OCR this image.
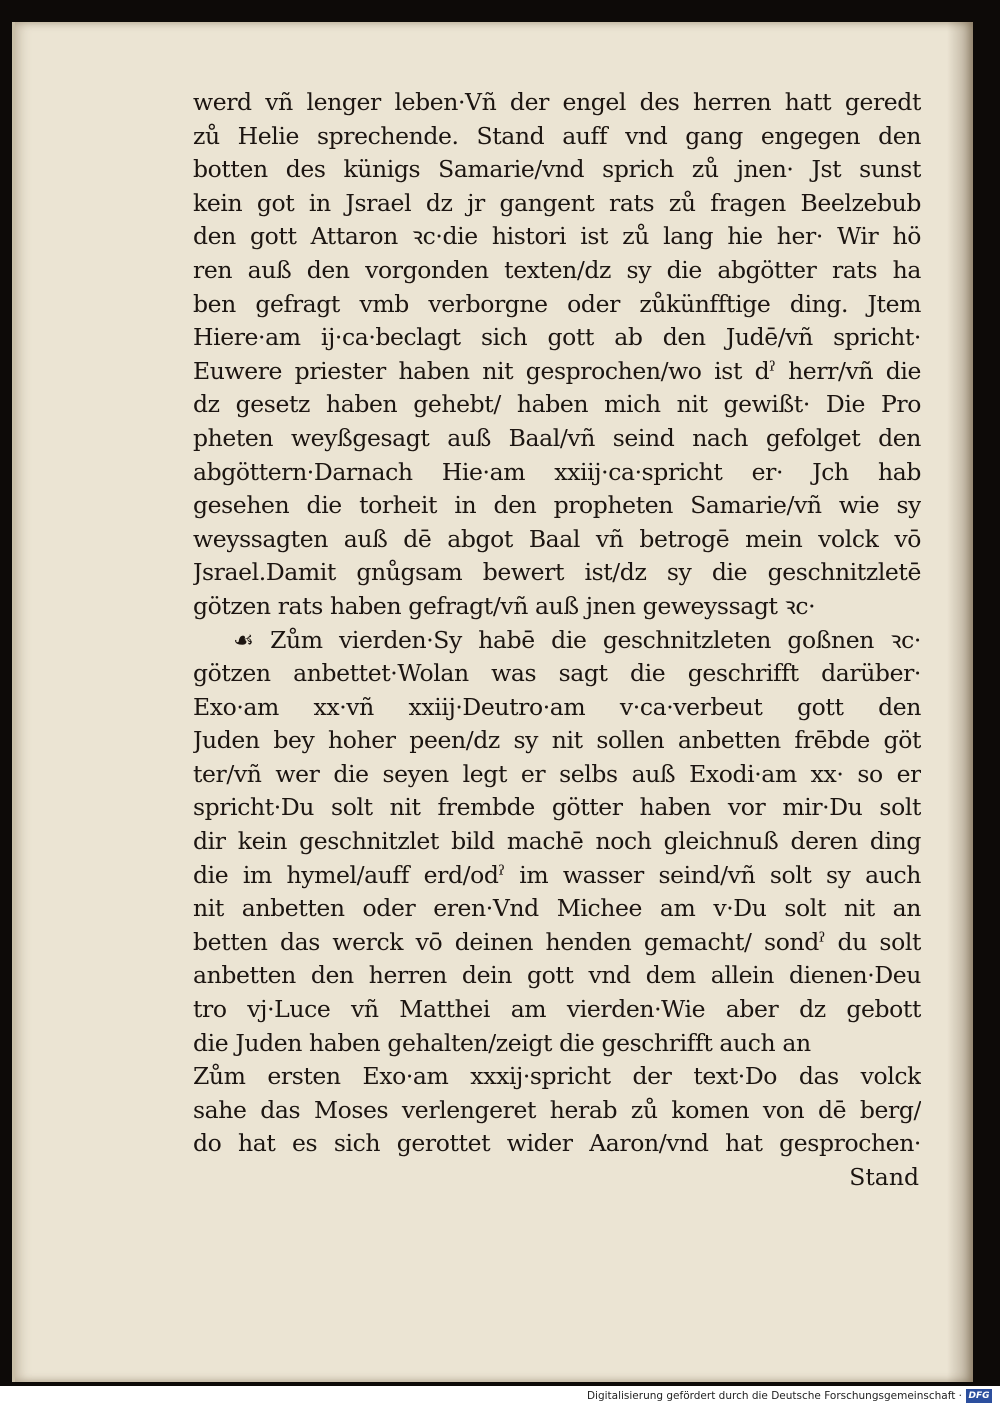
werd vñ lenger leben·Vñ der engel des herren hatt geredt
zů Helie sprechende. Stand auff vnd gang engegen den
botten des künigs Samarie/vnd sprich zů jnen· Jst sunst
kein got in Jsrael dz jr gangent rats zů fragen Beelzebub
den gott Attaron ꝛc·die histori ist zů lang hie her· Wir hö
ren auß den vorgonden texten/dz sy die abgötter rats ha
ben gefragt vmb verborgne oder zůkünfftige ding. Jtem
Hiere·am ij·ca·beclagt sich gott ab den Judē/vñ spricht·
Euwere priester haben nit gesprochen/wo ist dˀ herr/vñ die
dz gesetz haben gehebt/ haben mich nit gewißt· Die Pro
pheten weyßgesagt auß Baal/vñ seind nach gefolget den
abgöttern·Darnach Hie·am xxiij·ca·spricht er· Jch hab
gesehen die torheit in den propheten Samarie/vñ wie sy
weyssagten auß dē abgot Baal vñ betrogē mein volck vō
Jsrael.Damit gnůgsam bewert ist/dz sy die geschnitzletē
götzen rats haben gefragt/vñ auß jnen geweyssagt ꝛc·
☙ Zům vierden·Sy habē die geschnitzleten goßnen ꝛc·
götzen anbettet·Wolan was sagt die geschrifft darüber·
Exo·am xx·vñ xxiij·Deutro·am v·ca·verbeut gott den
Juden bey hoher peen/dz sy nit sollen anbetten frēbde göt
ter/vñ wer die seyen legt er selbs auß Exodi·am xx· so er
spricht·Du solt nit frembde götter haben vor mir·Du solt
dir kein geschnitzlet bild machē noch gleichnuß deren ding
die im hymel/auff erd/odˀ im wasser seind/vñ solt sy auch
nit anbetten oder eren·Vnd Michee am v·Du solt nit an
betten das werck vō deinen henden gemacht/ sondˀ du solt
anbetten den herren dein gott vnd dem allein dienen·Deu
tro vj·Luce vñ Matthei am vierden·Wie aber dz gebott
die Juden haben gehalten/zeigt die geschrifft auch an
Zům ersten Exo·am xxxij·spricht der text·Do das volck
sahe das Moses verlengeret herab zů komen von dē berg/
do hat es sich gerottet wider Aaron/vnd hat gesprochen·
Stand
Digitalisierung gefördert durch die Deutsche Forschungsgemeinschaft · DFG
